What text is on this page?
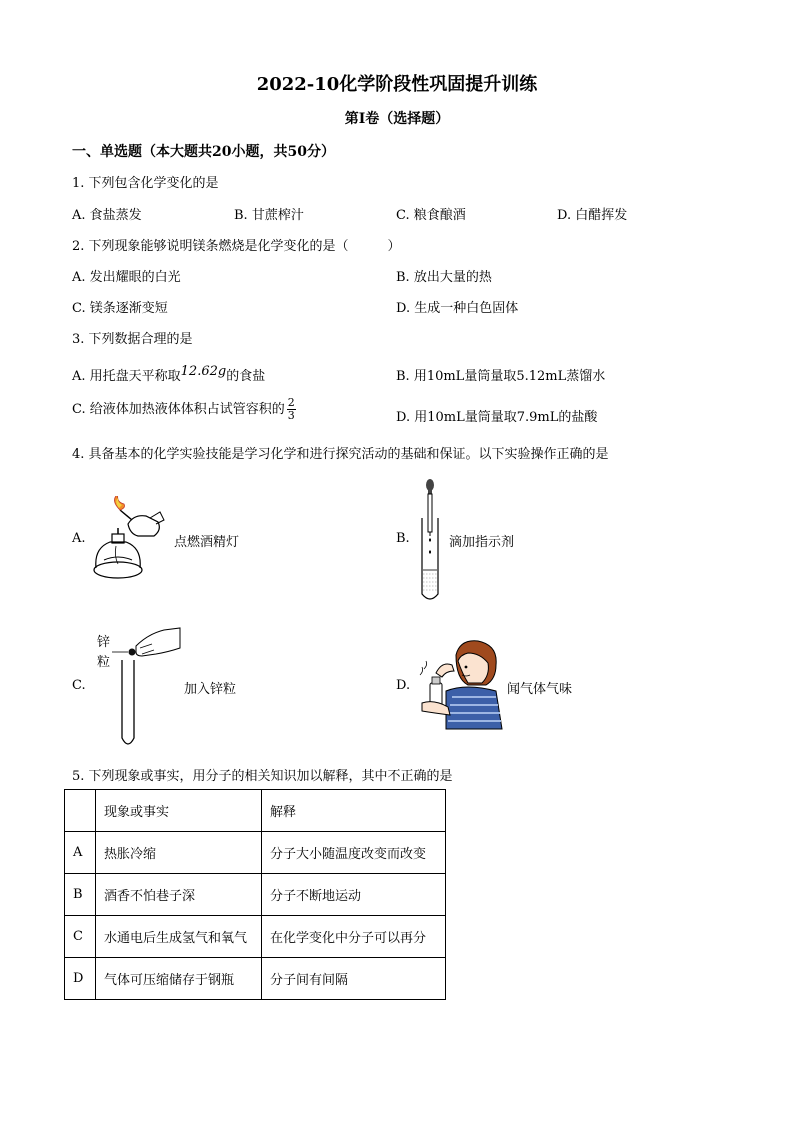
2022-10化学阶段性巩固提升训练
第Ⅰ卷（选择题）
一、单选题（本大题共20小题，共50分）
1. 下列包含化学变化的是
A. 食盐蒸发	B. 甘蔗榨汁	C. 粮食酿酒	D. 白醋挥发
2. 下列现象能够说明镁条燃烧是化学变化的是（　　　）
A. 发出耀眼的白光	B. 放出大量的热
C. 镁条逐渐变短	D. 生成一种白色固体
3. 下列数据合理的是
A. 用托盘天平称取12.62g的食盐	B. 用10mL量筒量取5.12mL蒸馏水
C. 给液体加热液体体积占试管容积的 $\frac{2}{3}$	D. 用10mL量筒量取7.9mL的盐酸
4. 具备基本的化学实验技能是学习化学和进行探究活动的基础和保证。以下实验操作正确的是
A.	点燃酒精灯	B.	滴加指示剂
锌
粒
C.	加入锌粒	D.	闻气体气味
5. 下列现象或事实，用分子的相关知识加以解释，其中不正确的是
	现象或事实	解释
A	热胀冷缩	分子大小随温度改变而改变
B	酒香不怕巷子深	分子不断地运动
C	水通电后生成氢气和氧气	在化学变化中分子可以再分
D	气体可压缩储存于钢瓶	分子间有间隔
